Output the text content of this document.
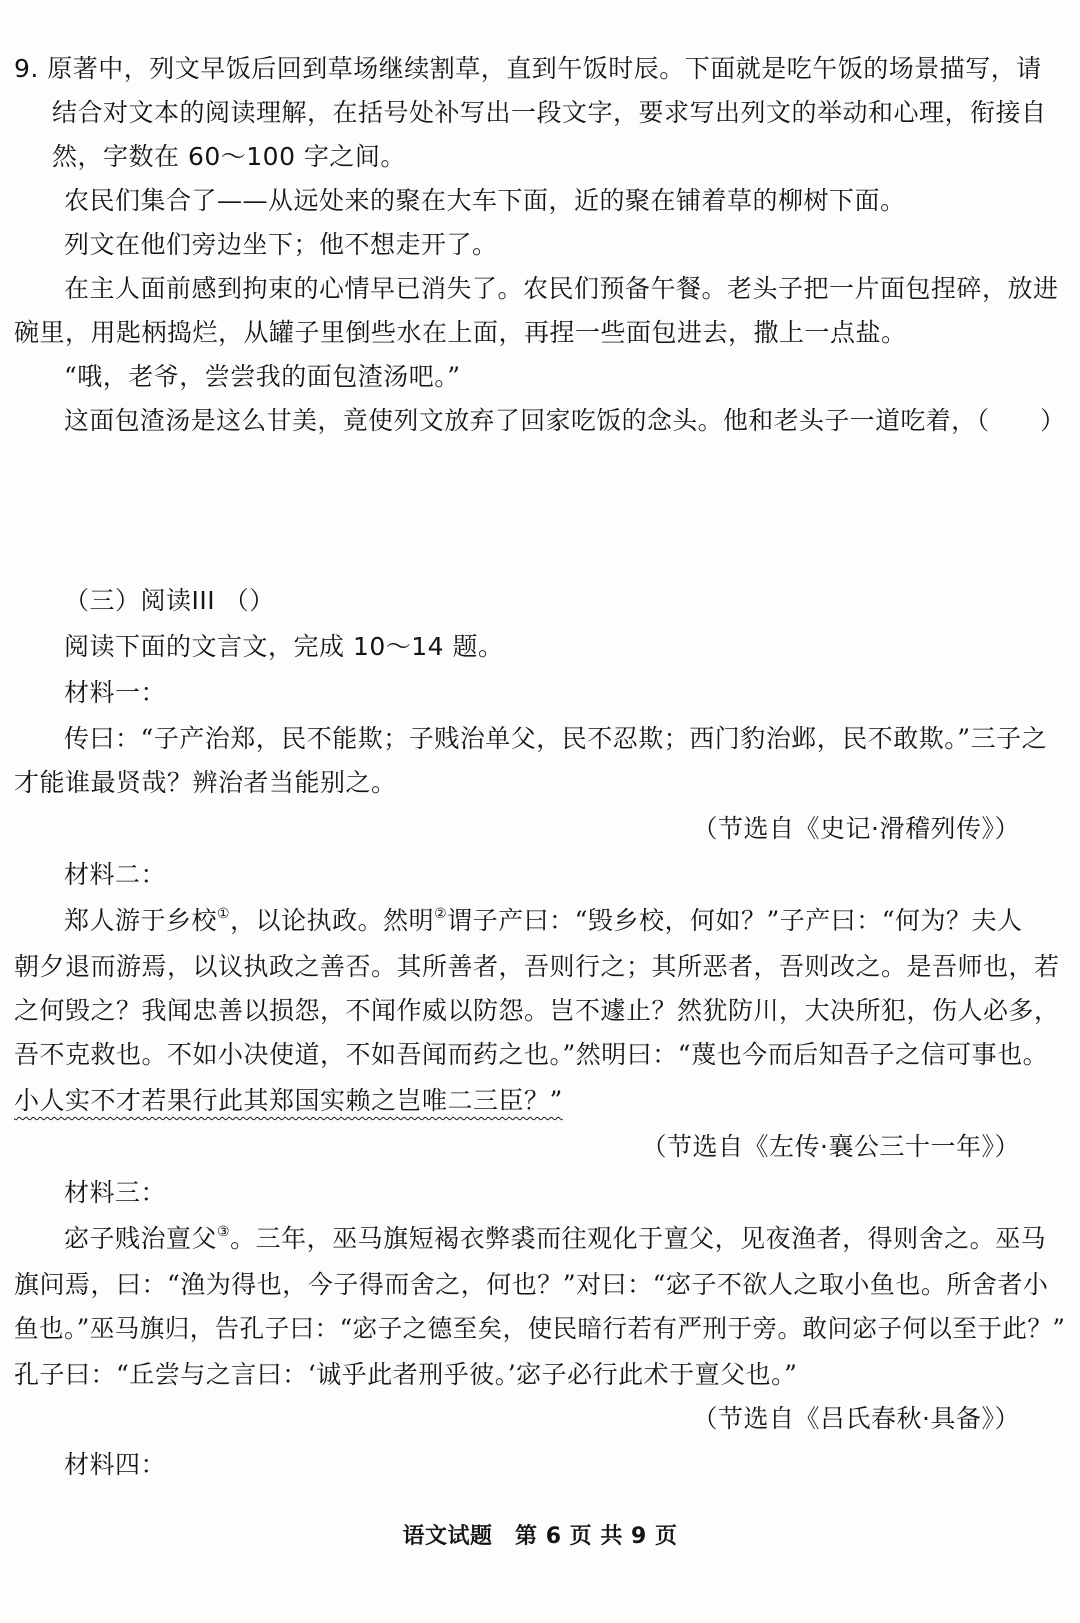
9. 原著中，列文早饭后回到草场继续割草，直到午饭时辰。下面就是吃午饭的场景描写，请
结合对文本的阅读理解，在括号处补写出一段文字，要求写出列文的举动和心理，衔接自
然，字数在 60～100 字之间。
农民们集合了——从远处来的聚在大车下面，近的聚在铺着草的柳树下面。
列文在他们旁边坐下；他不想走开了。
在主人面前感到拘束的心情早已消失了。农民们预备午餐。老头子把一片面包捏碎，放进
碗里，用匙柄捣烂，从罐子里倒些水在上面，再捏一些面包进去，撒上一点盐。
“哦，老爷，尝尝我的面包渣汤吧。”
这面包渣汤是这么甘美，竟使列文放弃了回家吃饭的念头。他和老头子一道吃着，（　　）
（三）阅读III （）
阅读下面的文言文，完成 10～14 题。
材料一：
传曰：“子产治郑，民不能欺；子贱治单父，民不忍欺；西门豹治邺，民不敢欺。”三子之
才能谁最贤哉？辨治者当能别之。
（节选自《史记·滑稽列传》）
材料二：
郑人游于乡校①，以论执政。然明②谓子产曰：“毁乡校，何如？”子产曰：“何为？夫人
朝夕退而游焉，以议执政之善否。其所善者，吾则行之；其所恶者，吾则改之。是吾师也，若
之何毁之？我闻忠善以损怨，不闻作威以防怨。岂不遽止？然犹防川，大决所犯，伤人必多，
吾不克救也。不如小决使道，不如吾闻而药之也。”然明曰：“蔑也今而后知吾子之信可事也。
小人实不才若果行此其郑国实赖之岂唯二三臣？”
（节选自《左传·襄公三十一年》）
材料三：
宓子贱治亶父③。三年，巫马旗短褐衣弊裘而往观化于亶父，见夜渔者，得则舍之。巫马
旗问焉，曰：“渔为得也，今子得而舍之，何也？”对曰：“宓子不欲人之取小鱼也。所舍者小
鱼也。”巫马旗归，告孔子曰：“宓子之德至矣，使民暗行若有严刑于旁。敢问宓子何以至于此？”
孔子曰：“丘尝与之言曰：‘诚乎此者刑乎彼。’宓子必行此术于亶父也。”
（节选自《吕氏春秋·具备》）
材料四：
语文试题　第 6 页 共 9 页
